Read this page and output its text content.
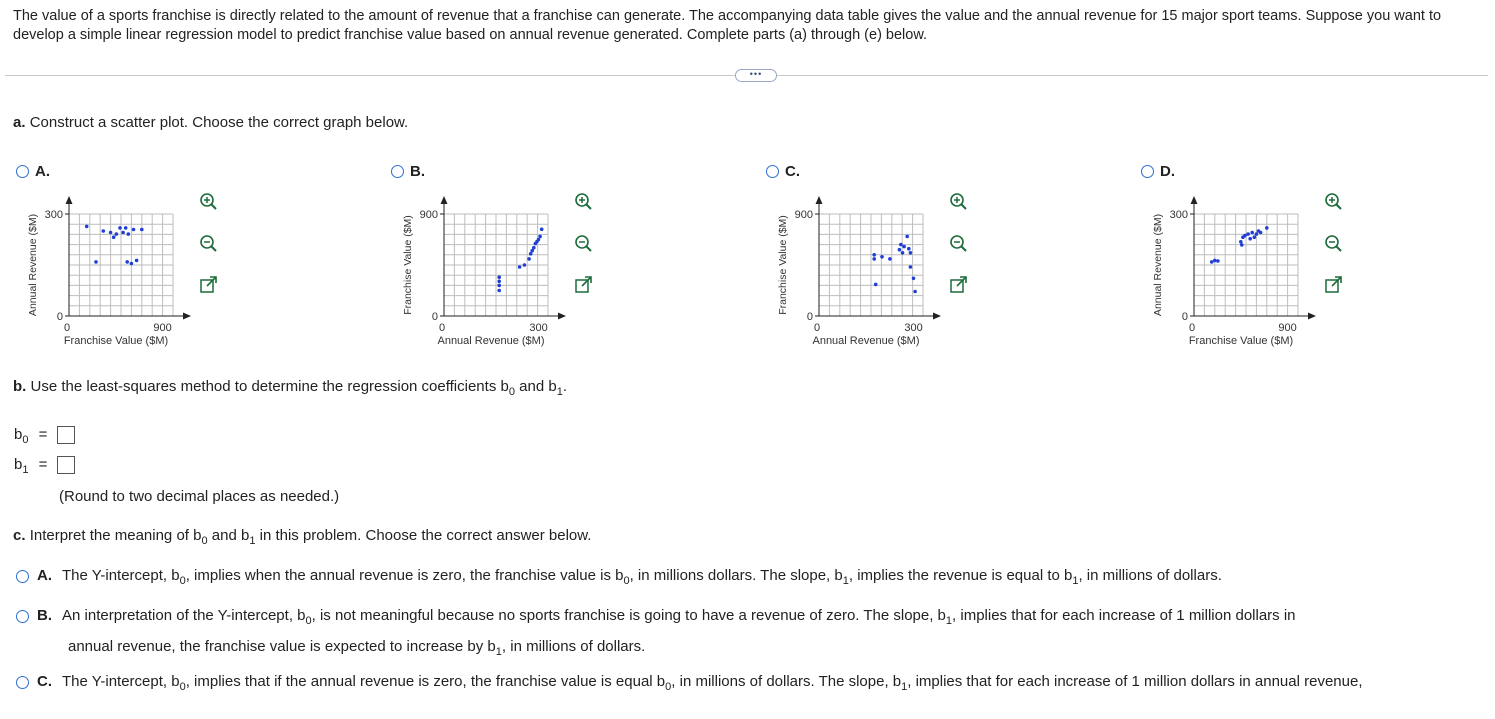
The value of a sports franchise is directly related to the amount of revenue that a franchise can generate. The accompanying data table gives the value and the annual revenue for 15 major sport teams. Suppose you want to develop a simple linear regression model to predict franchise value based on annual revenue generated. Complete parts (a) through (e) below.
•••
a. Construct a scatter plot. Choose the correct graph below.
A.
300
0
0	900
Franchise Value ($M)
Annual Revenue ($M)
B.
900
0
0	300
Annual Revenue ($M)
Franchise Value ($M)
C.
900
0
0	300
Annual Revenue ($M)
Franchise Value ($M)
D.
300
0
0	900
Franchise Value ($M)
Annual Revenue ($M)
b. Use the least-squares method to determine the regression coefficients $b_0$ and $b_1$.
$b_0$ =
$b_1$ =
(Round to two decimal places as needed.)
c. Interpret the meaning of $b_0$ and $b_1$ in this problem. Choose the correct answer below.
A. The Y-intercept, $b_0$, implies when the annual revenue is zero, the franchise value is $b_0$, in millions dollars. The slope, $b_1$, implies the revenue is equal to $b_1$, in millions of dollars.
B. An interpretation of the Y-intercept, $b_0$, is not meaningful because no sports franchise is going to have a revenue of zero. The slope, $b_1$, implies that for each increase of 1 million dollars in
annual revenue, the franchise value is expected to increase by $b_1$, in millions of dollars.
C. The Y-intercept, $b_0$, implies that if the annual revenue is zero, the franchise value is equal $b_0$, in millions of dollars. The slope, $b_1$, implies that for each increase of 1 million dollars in annual revenue,
